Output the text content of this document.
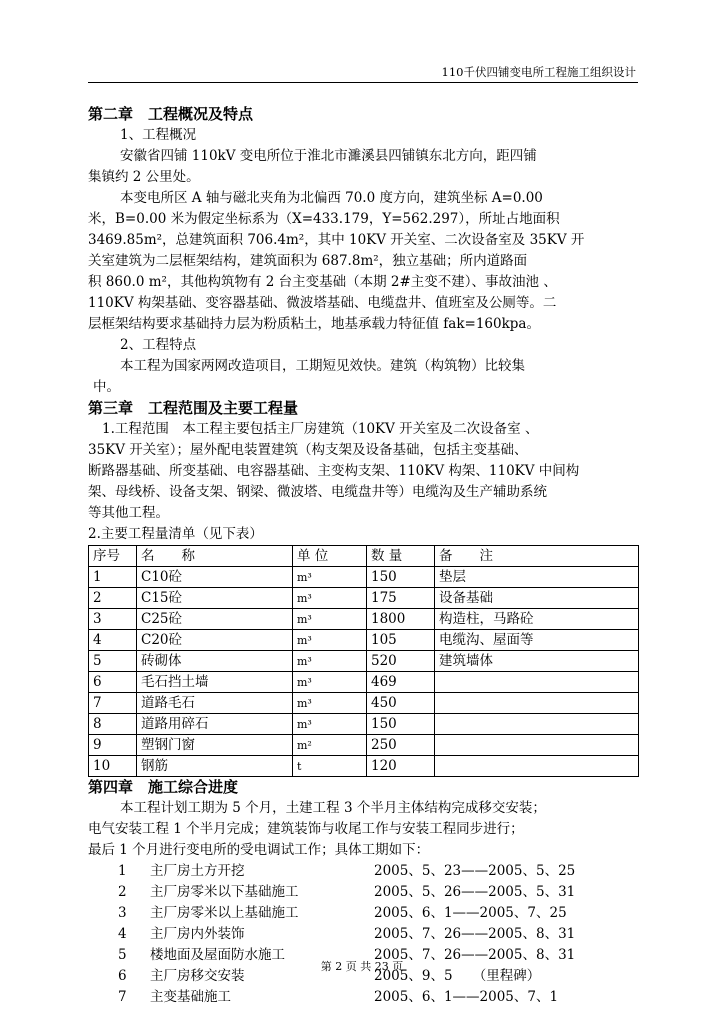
110千伏四铺变电所工程施工组织设计
第二章　工程概况及特点
1、工程概况
安徽省四铺 110kV 变电所位于淮北市濉溪县四铺镇东北方向，距四铺
集镇约 2 公里处。
本变电所区 A 轴与磁北夹角为北偏西 70.0 度方向，建筑坐标 A=0.00
米，B=0.00 米为假定坐标系为（X=433.179，Y=562.297），所址占地面积
3469.85m²，总建筑面积 706.4m²，其中 10KV 开关室、二次设备室及 35KV 开
关室建筑为二层框架结构，建筑面积为 687.8m²，独立基础；所内道路面
积 860.0 m²，其他构筑物有 2 台主变基础（本期 2#主变不建）、事故油池 、
110KV 构架基础、变容器基础、微波塔基础、电缆盘井、值班室及公厕等。二
层框架结构要求基础持力层为粉质粘土，地基承载力特征值 fak=160kpa。
2、工程特点
本工程为国家两网改造项目，工期短见效快。建筑（构筑物）比较集
中。
第三章　工程范围及主要工程量
1.工程范围　本工程主要包括主厂房建筑（10KV 开关室及二次设备室 、
35KV 开关室）；屋外配电装置建筑（构支架及设备基础，包括主变基础、
断路器基础、所变基础、电容器基础、主变构支架、110KV 构架、110KV 中间构
架、母线桥、设备支架、钢梁、微波塔、电缆盘井等）电缆沟及生产辅助系统
等其他工程。
2.主要工程量清单（见下表）
序号	名　　称	单 位	数 量	备　　注
1	C10砼	m³	150	垫层
2	C15砼	m³	175	设备基础
3	C25砼	m³	1800	构造柱，马路砼
4	C20砼	m³	105	电缆沟、屋面等
5	砖砌体	m³	520	建筑墙体
6	毛石挡土墙	m³	469	
7	道路毛石	m³	450	
8	道路用碎石	m³	150	
9	塑钢门窗	m²	250	
10	钢筋	t	120	
第四章　施工综合进度
本工程计划工期为 5 个月，土建工程 3 个半月主体结构完成移交安装；
电气安装工程 1 个半月完成；建筑装饰与收尾工作与安装工程同步进行；
最后 1 个月进行变电所的受电调试工作；具体工期如下：
1	主厂房土方开挖	2005、5、23——2005、5、25
2	主厂房零米以下基础施工	2005、5、26——2005、5、31
3	主厂房零米以上基础施工	2005、6、1——2005、7、25
4	主厂房内外装饰	2005、7、26——2005、8、31
5	楼地面及屋面防水施工	2005、7、26——2005、8、31
6	主厂房移交安装	2005、9、5　　（里程碑）
7	主变基础施工	2005、6、1——2005、7、1
第 2 页 共 23 页
